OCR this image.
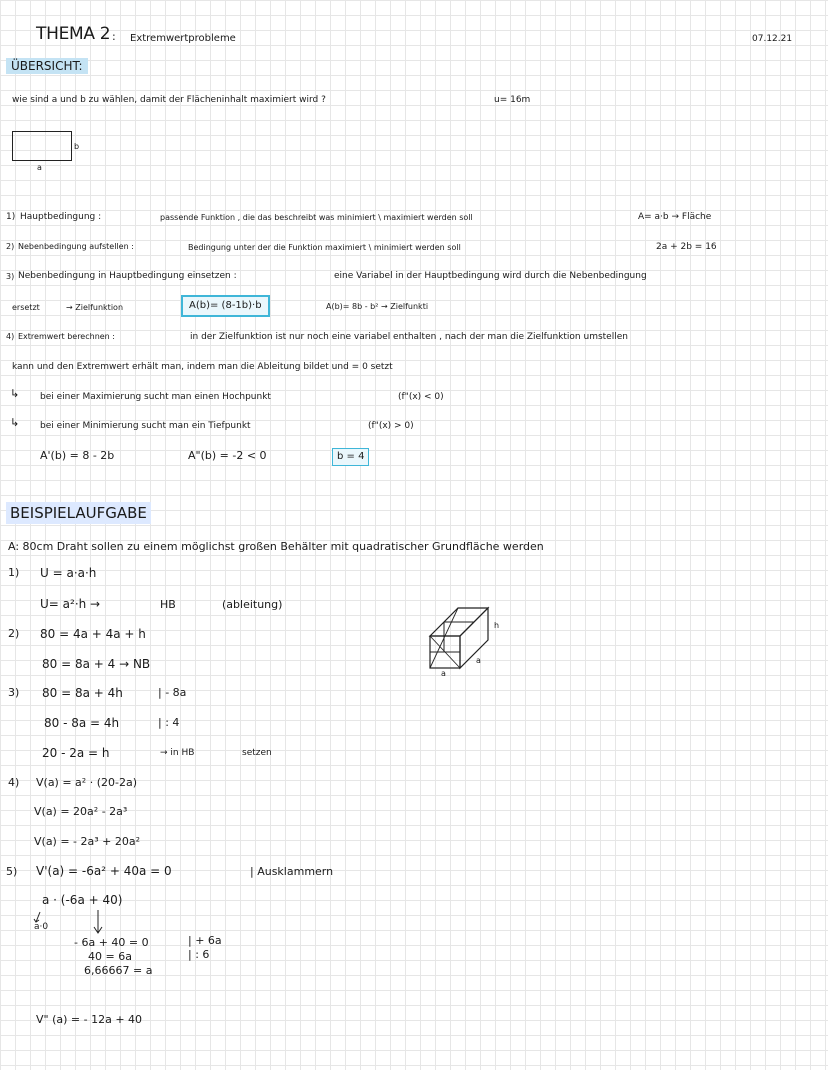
THEMA 2 : Extremwertprobleme	07.12.21
ÜBERSICHT:
wie sind a und b zu wählen, damit der Flächeninhalt maximiert wird ?	u= 16m
b
a
1) Hauptbedingung :	passende Funktion , die das beschreibt was minimiert \ maximiert werden soll	A= a·b → Fläche
2) Nebenbedingung aufstellen :	Bedingung unter der die Funktion maximiert \ minimiert werden soll	2a + 2b = 16
3) Nebenbedingung in Hauptbedingung einsetzen :	eine Variabel in der Hauptbedingung wird durch die Nebenbedingung
ersetzt	→ Zielfunktion	A(b)= (8-1b)·b	A(b)= 8b - b² → Zielfunkti
4) Extremwert berechnen :	in der Zielfunktion ist nur noch eine variabel enthalten , nach der man die Zielfunktion umstellen
kann und den Extremwert erhält man, indem man die Ableitung bildet und = 0 setzt
↳ bei einer Maximierung sucht man einen Hochpunkt	(f"(x) < 0)
↳ bei einer Minimierung sucht man ein Tiefpunkt	(f"(x) > 0)
A'(b) = 8 - 2b	A"(b) = -2 < 0	b = 4
BEISPIELAUFGABE
A: 80cm Draht sollen zu einem möglichst großen Behälter mit quadratischer Grundfläche werden
1) U = a·a·h
U= a²·h →	HB	(ableitung)
2) 80 = 4a + 4a + h
80 = 8a + 4 → NB
3) 80 = 8a + 4h	| - 8a
80 - 8a = 4h	| : 4
20 - 2a = h	→ in HB	setzen
4) V(a) = a² · (20-2a)
V(a) = 20a² - 2a³
V(a) = - 2a³ + 20a²
5) V'(a) = -6a² + 40a = 0	| Ausklammern
a · (-6a + 40)
a·0
- 6a + 40 = 0	| + 6a
40 = 6a	| : 6
6,66667 = a
V" (a) = - 12a + 40
h
a
a
